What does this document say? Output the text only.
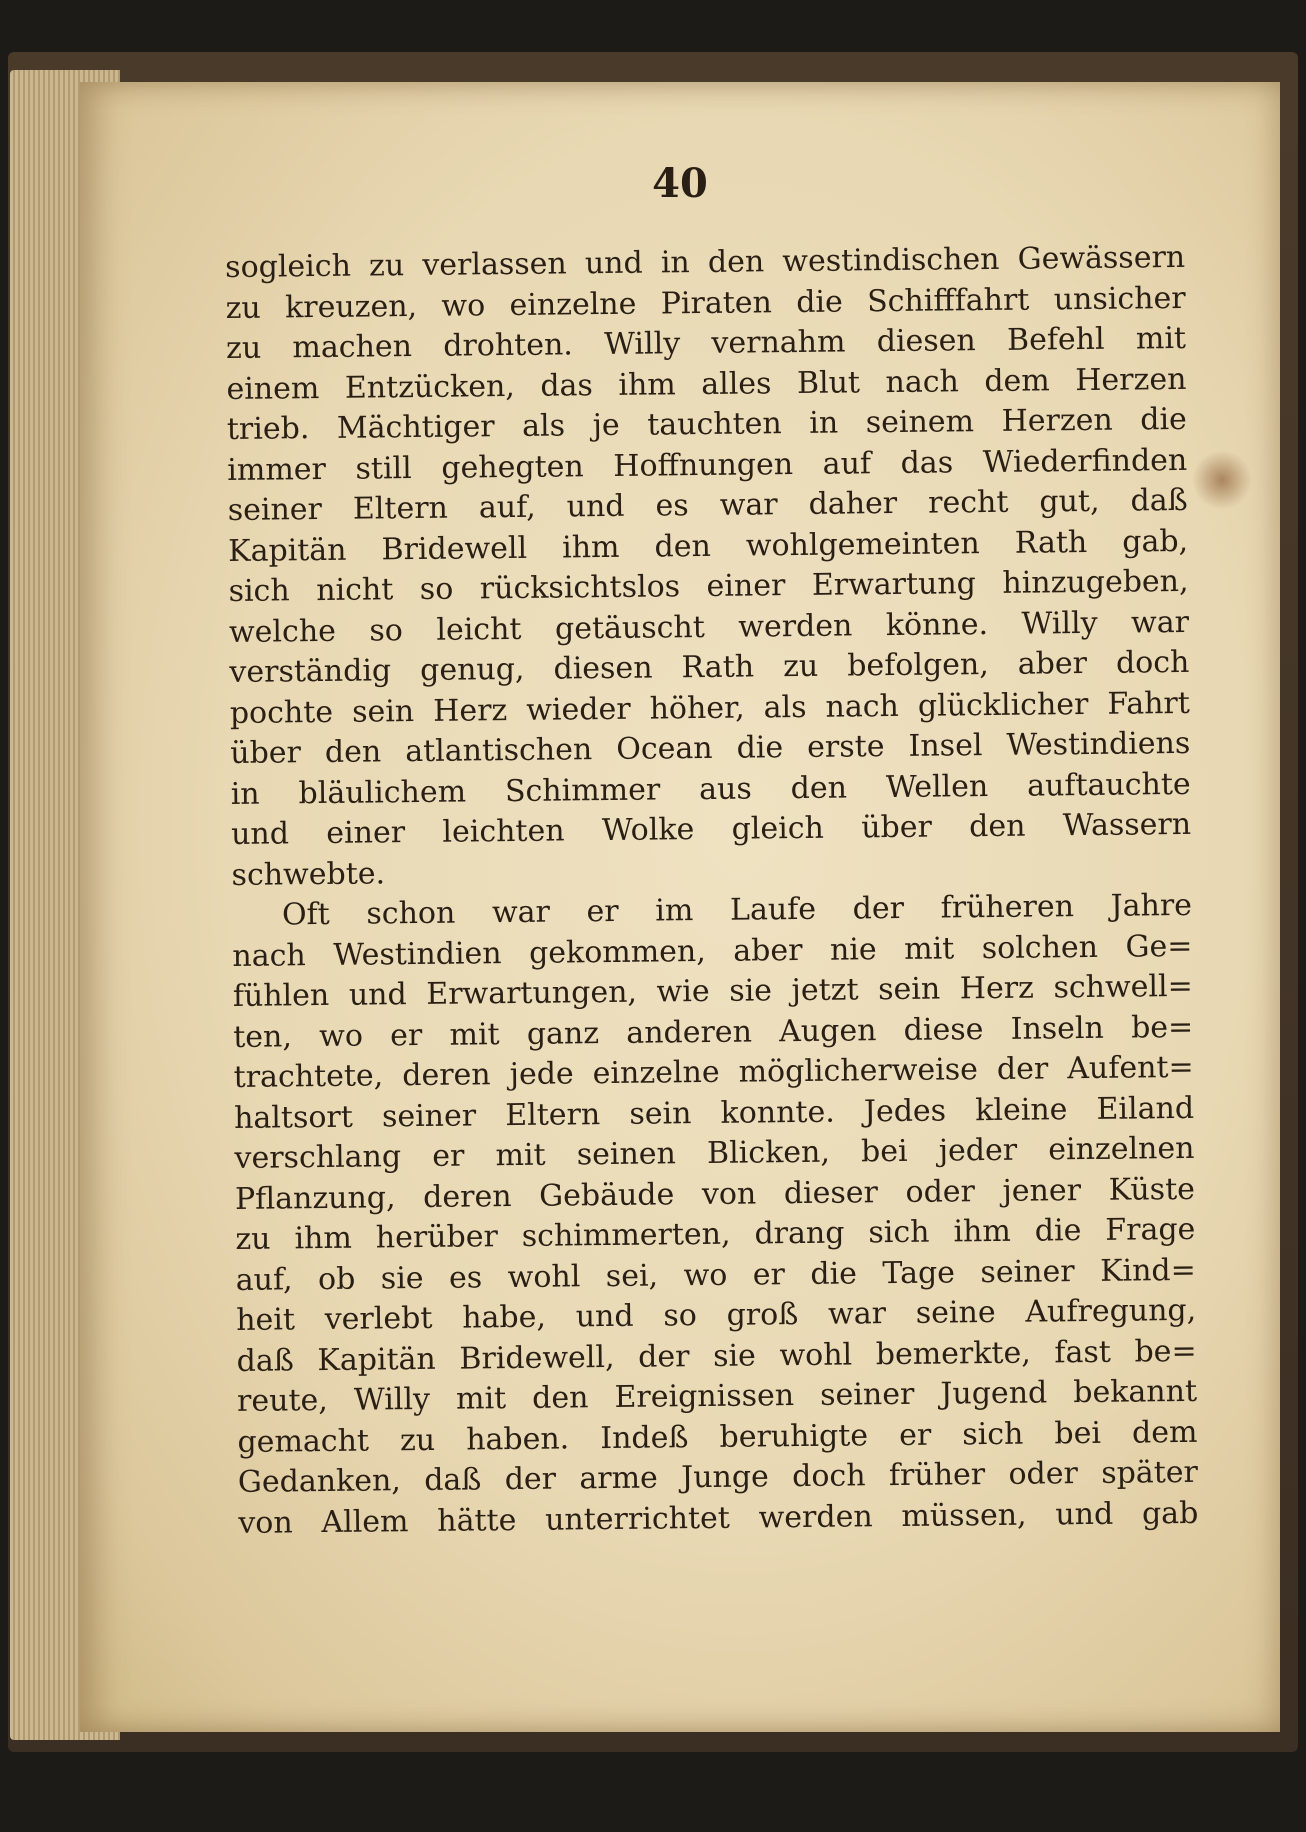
40
sogleich zu verlassen und in den westindischen Gewässern
zu kreuzen, wo einzelne Piraten die Schifffahrt unsicher
zu machen drohten. Willy vernahm diesen Befehl mit
einem Entzücken, das ihm alles Blut nach dem Herzen
trieb. Mächtiger als je tauchten in seinem Herzen die
immer still gehegten Hoffnungen auf das Wiederfinden
seiner Eltern auf, und es war daher recht gut, daß
Kapitän Bridewell ihm den wohlgemeinten Rath gab,
sich nicht so rücksichtslos einer Erwartung hinzugeben,
welche so leicht getäuscht werden könne. Willy war
verständig genug, diesen Rath zu befolgen, aber doch
pochte sein Herz wieder höher, als nach glücklicher Fahrt
über den atlantischen Ocean die erste Insel Westindiens
in bläulichem Schimmer aus den Wellen auftauchte
und einer leichten Wolke gleich über den Wassern
schwebte.
Oft schon war er im Laufe der früheren Jahre
nach Westindien gekommen, aber nie mit solchen Ge=
fühlen und Erwartungen, wie sie jetzt sein Herz schwell=
ten, wo er mit ganz anderen Augen diese Inseln be=
trachtete, deren jede einzelne möglicherweise der Aufent=
haltsort seiner Eltern sein konnte. Jedes kleine Eiland
verschlang er mit seinen Blicken, bei jeder einzelnen
Pflanzung, deren Gebäude von dieser oder jener Küste
zu ihm herüber schimmerten, drang sich ihm die Frage
auf, ob sie es wohl sei, wo er die Tage seiner Kind=
heit verlebt habe, und so groß war seine Aufregung,
daß Kapitän Bridewell, der sie wohl bemerkte, fast be=
reute, Willy mit den Ereignissen seiner Jugend bekannt
gemacht zu haben. Indeß beruhigte er sich bei dem
Gedanken, daß der arme Junge doch früher oder später
von Allem hätte unterrichtet werden müssen, und gab
